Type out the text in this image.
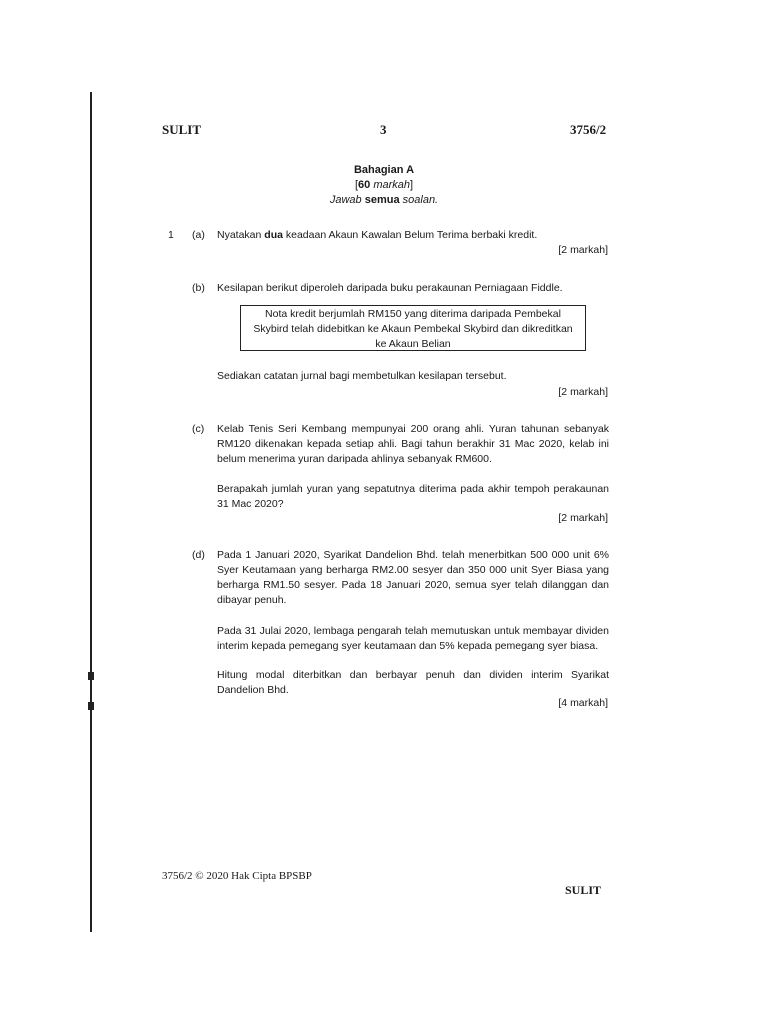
SULIT	3	3756/2
Bahagian A
[60 markah]
Jawab semua soalan.
1 (a) Nyatakan dua keadaan Akaun Kawalan Belum Terima berbaki kredit.
[2 markah]
(b) Kesilapan berikut diperoleh daripada buku perakaunan Perniagaan Fiddle.
Nota kredit berjumlah RM150 yang diterima daripada Pembekal
Skybird telah didebitkan ke Akaun Pembekal Skybird dan dikreditkan
ke Akaun Belian
Sediakan catatan jurnal bagi membetulkan kesilapan tersebut.
[2 markah]
(c) Kelab Tenis Seri Kembang mempunyai 200 orang ahli. Yuran tahunan sebanyak RM120 dikenakan kepada setiap ahli. Bagi tahun berakhir 31 Mac 2020, kelab ini belum menerima yuran daripada ahlinya sebanyak RM600.
Berapakah jumlah yuran yang sepatutnya diterima pada akhir tempoh perakaunan 31 Mac 2020?
[2 markah]
(d) Pada 1 Januari 2020, Syarikat Dandelion Bhd. telah menerbitkan 500 000 unit 6% Syer Keutamaan yang berharga RM2.00 sesyer dan 350 000 unit Syer Biasa yang berharga RM1.50 sesyer. Pada 18 Januari 2020, semua syer telah dilanggan dan dibayar penuh.
Pada 31 Julai 2020, lembaga pengarah telah memutuskan untuk membayar dividen interim kepada pemegang syer keutamaan dan 5% kepada pemegang syer biasa.
Hitung modal diterbitkan dan berbayar penuh dan dividen interim Syarikat Dandelion Bhd.
[4 markah]
3756/2 © 2020 Hak Cipta BPSBP
SULIT
